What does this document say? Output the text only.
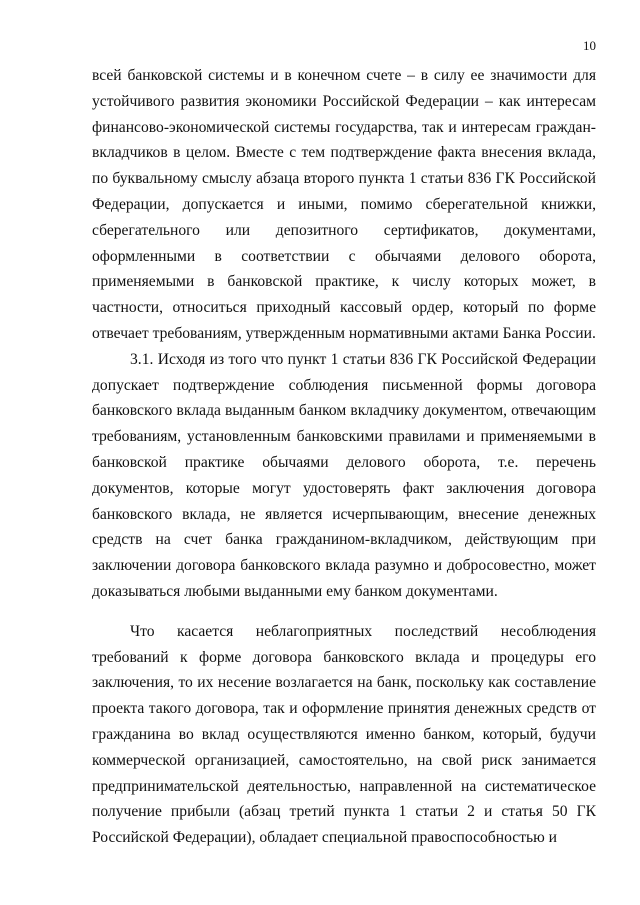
10

всей банковской системы и в конечном счете – в силу ее значимости для устойчивого развития экономики Российской Федерации – как интересам финансово-экономической системы государства, так и интересам граждан-вкладчиков в целом. Вместе с тем подтверждение факта внесения вклада, по буквальному смыслу абзаца второго пункта 1 статьи 836 ГК Российской Федерации, допускается и иными, помимо сберегательной книжки, сберегательного или депозитного сертификатов, документами, оформленными в соответствии с обычаями делового оборота, применяемыми в банковской практике, к числу которых может, в частности, относиться приходный кассовый ордер, который по форме отвечает требованиям, утвержденным нормативными актами Банка России.

3.1. Исходя из того что пункт 1 статьи 836 ГК Российской Федерации допускает подтверждение соблюдения письменной формы договора банковского вклада выданным банком вкладчику документом, отвечающим требованиям, установленным банковскими правилами и применяемыми в банковской практике обычаями делового оборота, т.е. перечень документов, которые могут удостоверять факт заключения договора банковского вклада, не является исчерпывающим, внесение денежных средств на счет банка гражданином-вкладчиком, действующим при заключении договора банковского вклада разумно и добросовестно, может доказываться любыми выданными ему банком документами.

Что касается неблагоприятных последствий несоблюдения требований к форме договора банковского вклада и процедуры его заключения, то их несение возлагается на банк, поскольку как составление проекта такого договора, так и оформление принятия денежных средств от гражданина во вклад осуществляются именно банком, который, будучи коммерческой организацией, самостоятельно, на свой риск занимается предпринимательской деятельностью, направленной на систематическое получение прибыли (абзац третий пункта 1 статьи 2 и статья 50 ГК Российской Федерации), обладает специальной правоспособностью и
